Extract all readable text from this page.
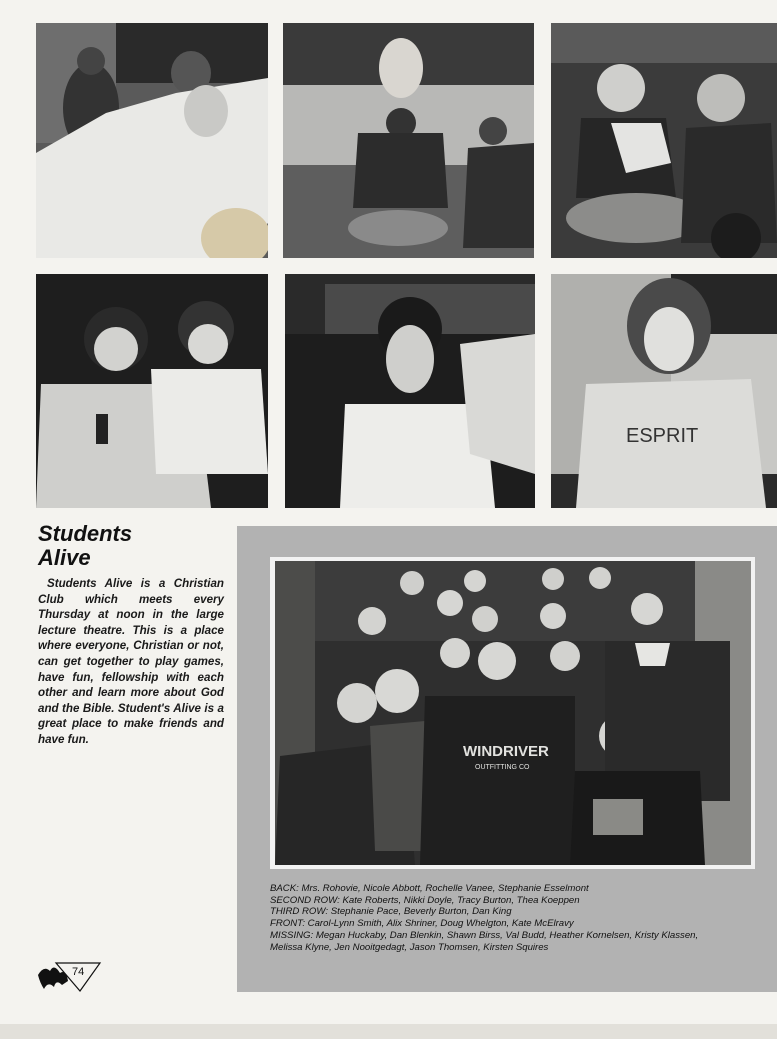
ESPRIT
Students
Alive
Students Alive is a Christian Club which meets every Thursday at noon in the large lecture theatre. This is a place where everyone, Christian or not, can get together to play games, have fun, fellowship with each other and learn more about God and the Bible. Student's Alive is a great place to make friends and have fun.
WINDRIVER
OUTFITTING CO
BACK: Mrs. Rohovie, Nicole Abbott, Rochelle Vanee, Stephanie Esselmont
SECOND ROW: Kate Roberts, Nikki Doyle, Tracy Burton, Thea Koeppen
THIRD ROW: Stephanie Pace, Beverly Burton, Dan King
FRONT: Carol-Lynn Smith, Alix Shriner, Doug Whelgton, Kate McElravy
MISSING: Megan Huckaby, Dan Blenkin, Shawn Birss, Val Budd, Heather Kornelsen, Kristy Klassen,
Melissa Klyne, Jen Nooitgedagt, Jason Thomsen, Kirsten Squires
74
